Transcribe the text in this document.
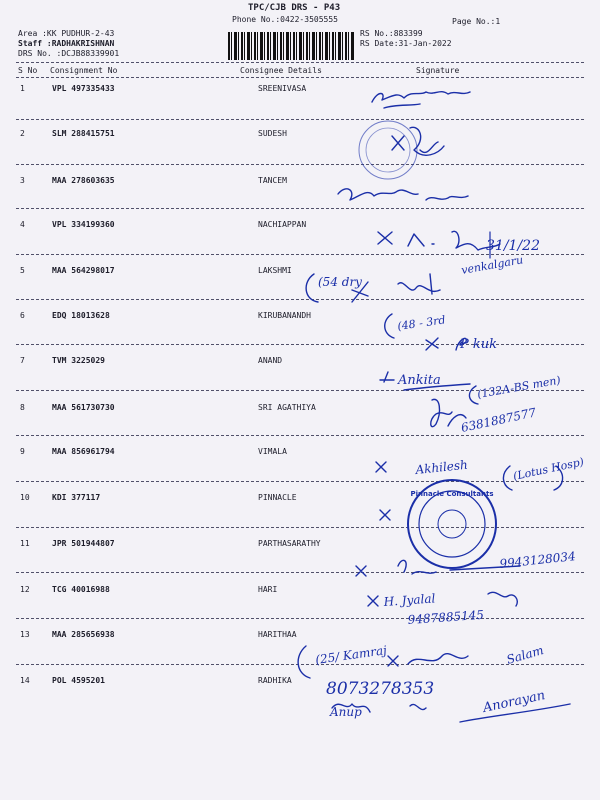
TPC/CJB DRS - P43
Phone No.:0422-3505555	Page No.:1
Area :KK PUDHUR-2-43
Staff :RADHAKRISHNAN
DRS No. :DCJB88339901
RS No.:883399
RS Date:31-Jan-2022
S No Consignment No	Consignee Details	Signature
1	VPL 497335433	SREENIVASA
2	SLM 288415751	SUDESH
3	MAA 278603635	TANCEM
4	VPL 334199360	NACHIAPPAN
5	MAA 564298017	LAKSHMI
6	EDQ 18013628	KIRUBANANDH
7	TVM 3225029	ANAND
8	MAA 561730730	SRI AGATHIYA
9	MAA 856961794	VIMALA
10	KDI 377117	PINNACLE
11	JPR 501944807	PARTHASARATHY
12	TCG 40016988	HARI
13	MAA 285656938	HARITHAA
14	POL 4595201	RADHIKA
31/1/22
(54 dry
venkalgaru
(48 - 3rd
P kuk
Ankita	(132A-BS men)
6381887577
Akhilesh	(Lotus Hosp)
9943128034
H. Jyalal
9487885145
(25/ Kamraj	Salam
8073278353
Anup	Anorayan
Pinnacle Consultants
